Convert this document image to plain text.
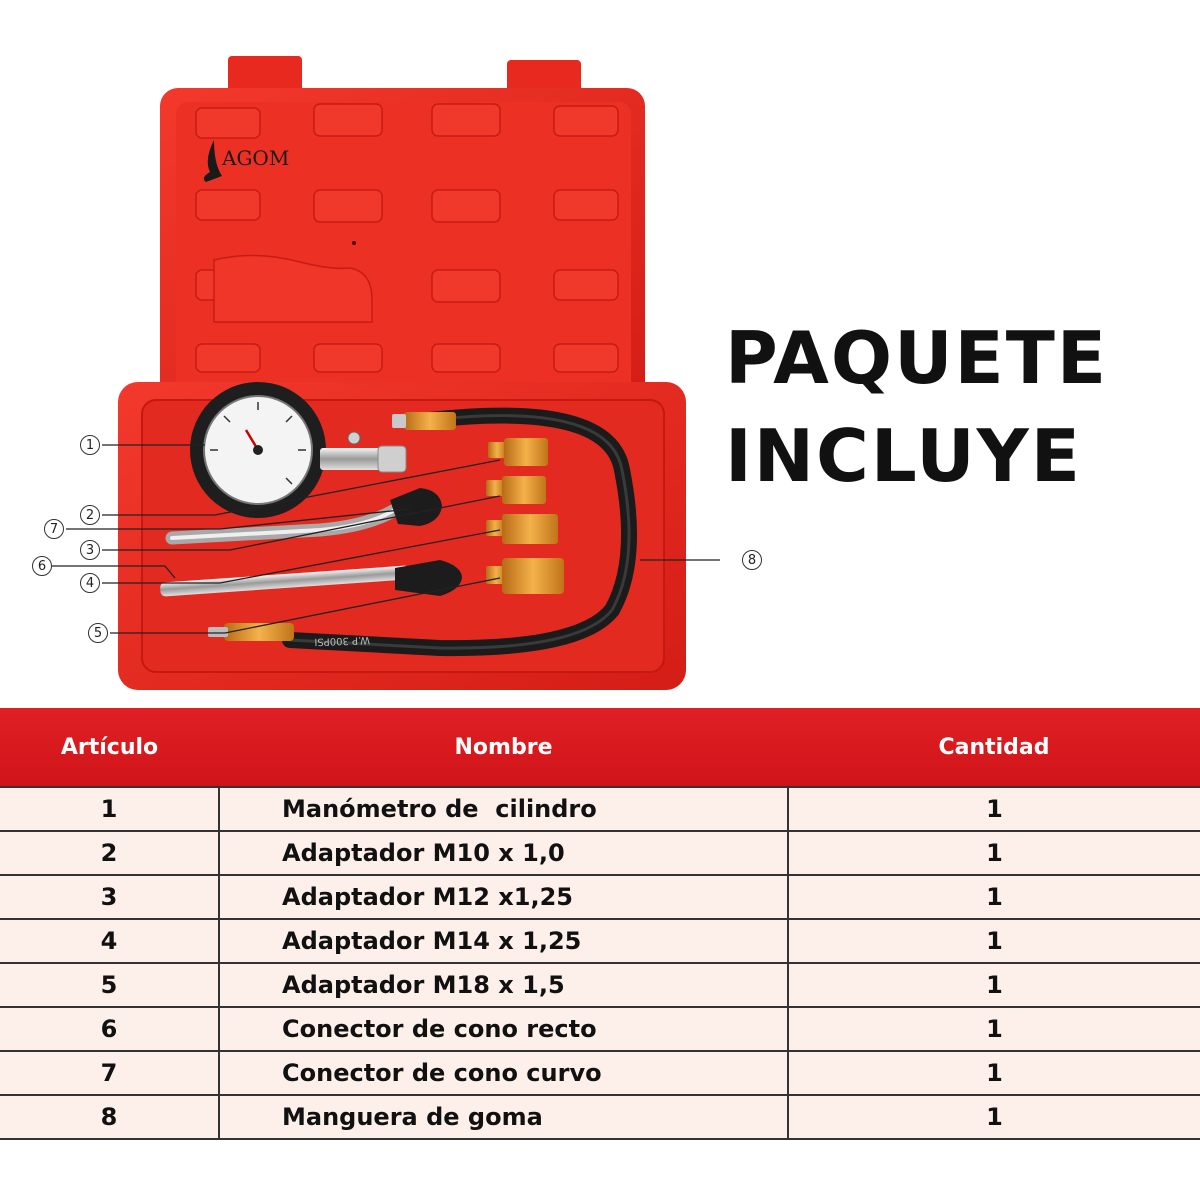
AGOM
1
2
7
3
6
4
5
8
PAQUETE
INCLUYE
Artículo	Nombre	Cantidad
1	Manómetro de  cilindro	1
2	Adaptador M10 x 1,0	1
3	Adaptador M12 x1,25	1
4	Adaptador M14 x 1,25	1
5	Adaptador M18 x 1,5	1
6	Conector de cono recto	1
7	Conector de cono curvo	1
8	Manguera de goma	1
W.P 300PSI
